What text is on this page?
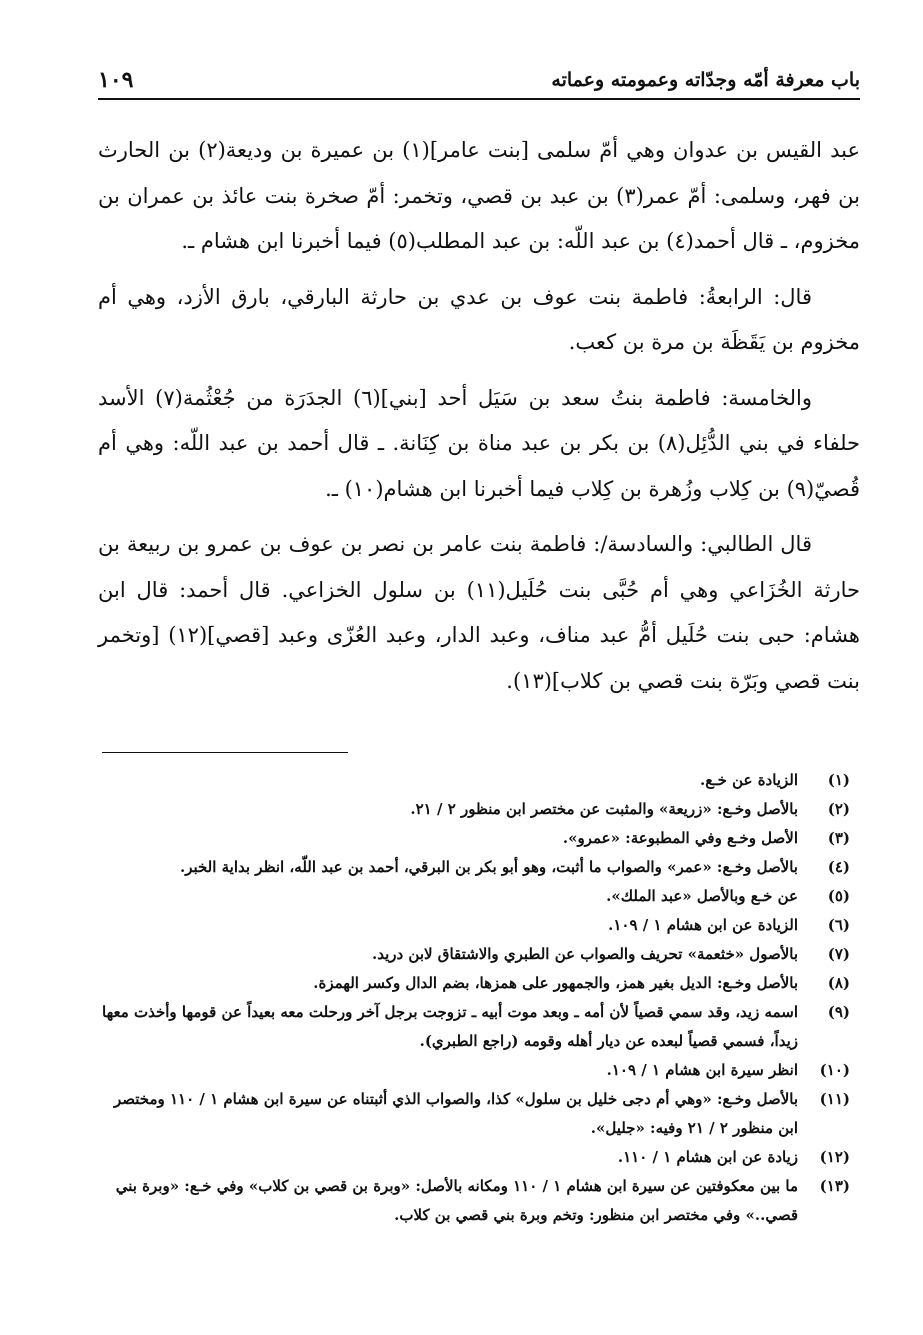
١٠٩	باب معرفة أمّه وجدّاته وعمومته وعماته

عبد القيس بن عدوان وهي أمّ سلمى [بنت عامر](١) بن عميرة بن وديعة(٢) بن الحارث بن فهر، وسلمى: أمّ عمر(٣) بن عبد بن قصي، وتخمر: أمّ صخرة بنت عائذ بن عمران بن مخزوم، ـ قال أحمد(٤) بن عبد اللّه: بن عبد المطلب(٥) فيما أخبرنا ابن هشام ـ.

قال: الرابعةُ: فاطمة بنت عوف بن عدي بن حارثة البارقي، بارق الأزد، وهي أم مخزوم بن يَقَظَة بن مرة بن كعب.

والخامسة: فاطمة بنتُ سعد بن سَيَل أحد [بني](٦) الجدَرَة من جُعْثُمة(٧) الأسد حلفاء في بني الدُّئِل(٨) بن بكر بن عبد مناة بن كِنَانة. ـ قال أحمد بن عبد اللّه: وهي أم قُصيّ(٩) بن كِلاب وزُهرة بن كِلاب فيما أخبرنا ابن هشام(١٠) ـ.

قال الطالبي: والسادسة/: فاطمة بنت عامر بن نصر بن عوف بن عمرو بن ربيعة بن حارثة الخُزَاعي وهي أم حُبَّى بنت حُلَيل(١١) بن سلول الخزاعي. قال أحمد: قال ابن هشام: حبى بنت حُلَيل أمُّ عبد مناف، وعبد الدار، وعبد العُزّى وعبد [قصي](١٢) [وتخمر بنت قصي وبَرّة بنت قصي بن كلاب](١٣).

(١)
الزيادة عن خـع.
(٢)
بالأصل وخـع: «زريعة» والمثبت عن مختصر ابن منظور ٢ / ٢١.
(٣)
الأصل وخـع وفي المطبوعة: «عمرو».
(٤)
بالأصل وخـع: «عمر» والصواب ما أثبت، وهو أبو بكر بن البرقي، أحمد بن عبد اللّه، انظر بداية الخبر.
(٥)
عن خـع وبالأصل «عبد الملك».
(٦)
الزيادة عن ابن هشام ١ / ١٠٩.
(٧)
بالأصول «خثعمة» تحريف والصواب عن الطبري والاشتقاق لابن دريد.
(٨)
بالأصل وخـع: الديل بغير همز، والجمهور على همزها، بضم الدال وكسر الهمزة.
(٩)
اسمه زيد، وقد سمي قصياً لأن أمه ـ وبعد موت أبيه ـ تزوجت برجل آخر ورحلت معه بعيداً عن قومها وأخذت معها زيداً، فسمي قصياً لبعده عن ديار أهله وقومه (راجع الطبري).
(١٠)
انظر سيرة ابن هشام ١ / ١٠٩.
(١١)
بالأصل وخـع: «وهي أم دجى خليل بن سلول» كذا، والصواب الذي أثبتناه عن سيرة ابن هشام ١ / ١١٠ ومختصر ابن منظور ٢ / ٢١ وفيه: «جليل».
(١٢)
زيادة عن ابن هشام ١ / ١١٠.
(١٣)
ما بين معكوفتين عن سيرة ابن هشام ١ / ١١٠ ومكانه بالأصل: «وبرة بن قصي بن كلاب» وفي خـع: «وبرة بني قصي..» وفي مختصر ابن منظور: وتخم وبرة بني قصي بن كلاب.
